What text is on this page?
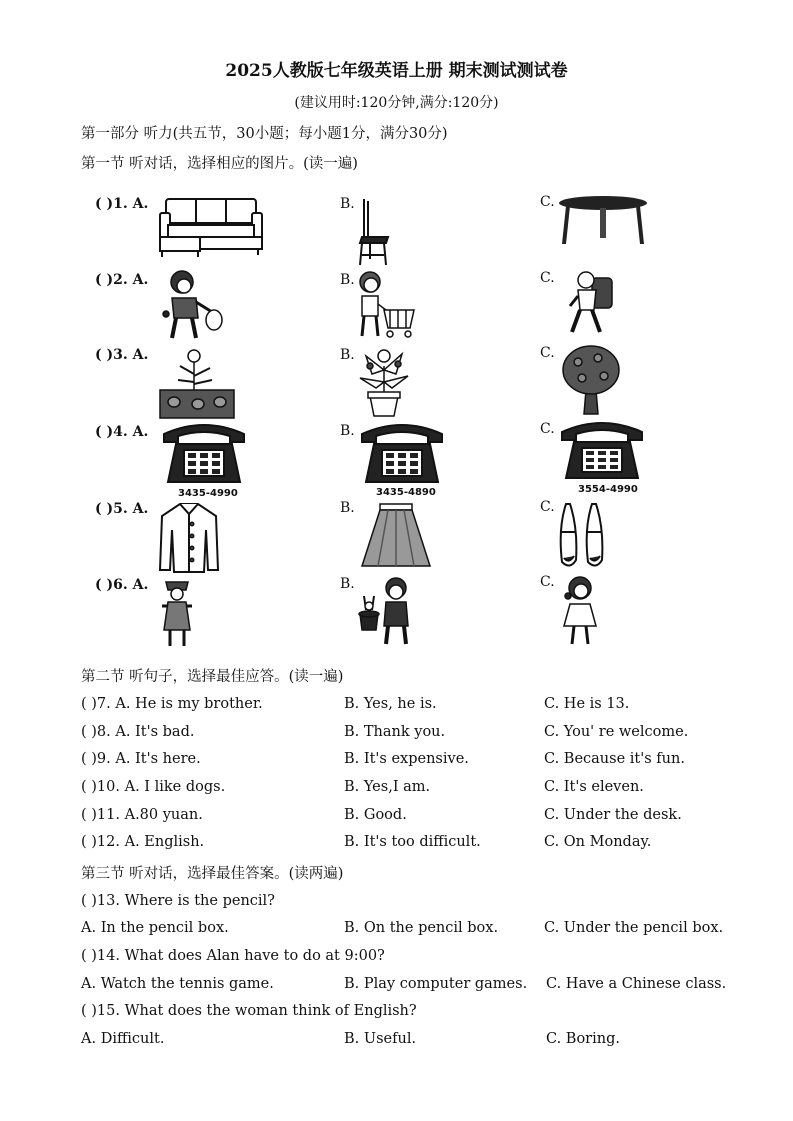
2025人教版七年级英语上册 期末测试测试卷
(建议用时:120分钟,满分:120分)
第一部分 听力(共五节，30小题；每小题1分，满分30分)
第一节 听对话，选择相应的图片。(读一遍)
( )1. A.	B.	C.
( )2. A.	B.	C.
( )3. A.	B.	C.
( )4. A.	B.	C.
( )5. A.	B.	C.
( )6. A.	B.	C.
3435-4990	3435-4890	3554-4990
第二节 听句子，选择最佳应答。(读一遍)
( )7. A. He is my brother.	B. Yes, he is.	C. He is 13.
( )8. A. It's bad.	B. Thank you.	C. You' re welcome.
( )9. A. It's here.	B. It's expensive.	C. Because it's fun.
( )10. A. I like dogs.	B. Yes,I am.	C. It's eleven.
( )11. A.80 yuan.	B. Good.	C. Under the desk.
( )12. A. English.	B. It's too difficult.	C. On Monday.
第三节 听对话，选择最佳答案。(读两遍)
( )13. Where is the pencil?
A. In the pencil box.	B. On the pencil box.	C. Under the pencil box.
( )14. What does Alan have to do at 9:00?
A. Watch the tennis game.	B. Play computer games. C. Have a Chinese class.
( )15. What does the woman think of English?
A. Difficult.	B. Useful.	C. Boring.
